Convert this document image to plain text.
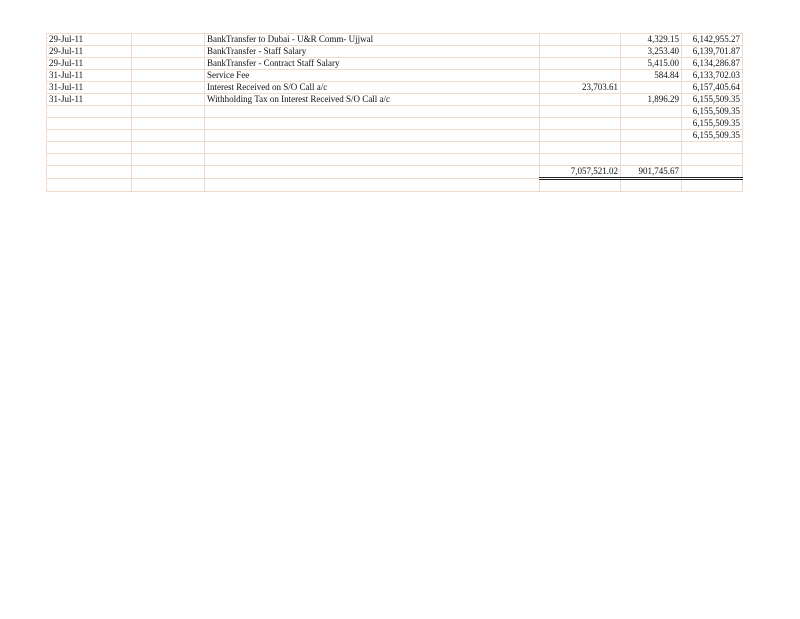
29-Jul-11		BankTransfer to Dubai - U&R Comm- Ujjwal		4,329.15	6,142,955.27
29-Jul-11		BankTransfer - Staff Salary		3,253.40	6,139,701.87
29-Jul-11		BankTransfer - Contract Staff Salary		5,415.00	6,134,286.87
31-Jul-11		Service Fee		584.84	6,133,702.03
31-Jul-11		Interest Received on S/O Call a/c	23,703.61		6,157,405.64
31-Jul-11		Withholding Tax on Interest Received S/O Call a/c		1,896.29	6,155,509.35
					6,155,509.35
					6,155,509.35
					6,155,509.35

			7,057,521.02	901,745.67	
